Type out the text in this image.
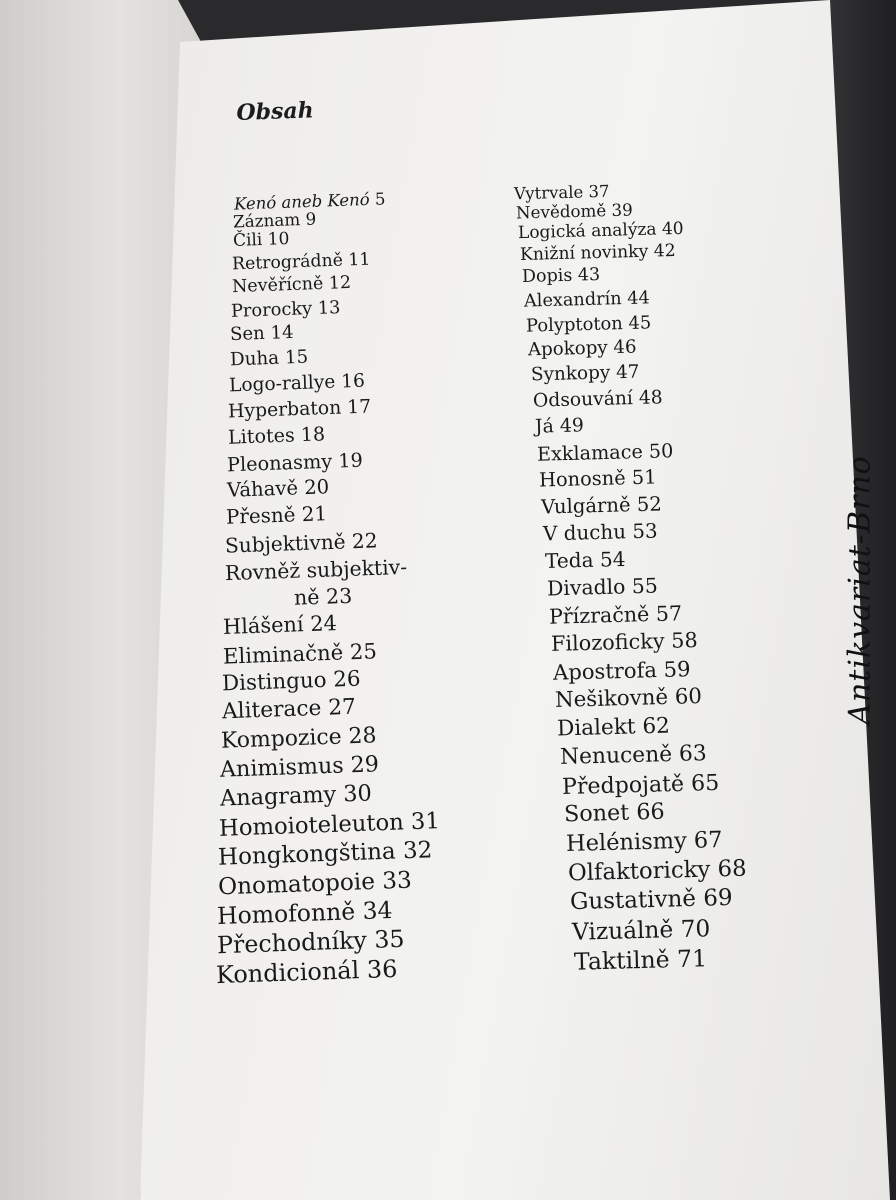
Obsah
Kenó aneb Kenó 5
Záznam 9
Čili 10
Retrográdně 11
Nevěřícně 12
Prorocky 13
Sen 14
Duha 15
Logo-rallye 16
Hyperbaton 17
Litotes 18
Pleonasmy 19
Váhavě 20
Přesně 21
Subjektivně 22
Rovněž subjektiv-
ně 23
Hlášení 24
Eliminačně 25
Distinguo 26
Aliterace 27
Kompozice 28
Animismus 29
Anagramy 30
Homoioteleuton 31
Hongkongština 32
Onomatopoie 33
Homofonně 34
Přechodníky 35
Kondicionál 36
Vytrvale 37
Nevědomě 39
Logická analýza 40
Knižní novinky 42
Dopis 43
Alexandrín 44
Polyptoton 45
Apokopy 46
Synkopy 47
Odsouvání 48
Já 49
Exklamace 50
Honosně 51
Vulgárně 52
V duchu 53
Teda 54
Divadlo 55
Přízračně 57
Filozoficky 58
Apostrofa 59
Nešikovně 60
Dialekt 62
Nenuceně 63
Předpojatě 65
Sonet 66
Helénismy 67
Olfaktoricky 68
Gustativně 69
Vizuálně 70
Taktilně 71
Antikvariat-Brno
